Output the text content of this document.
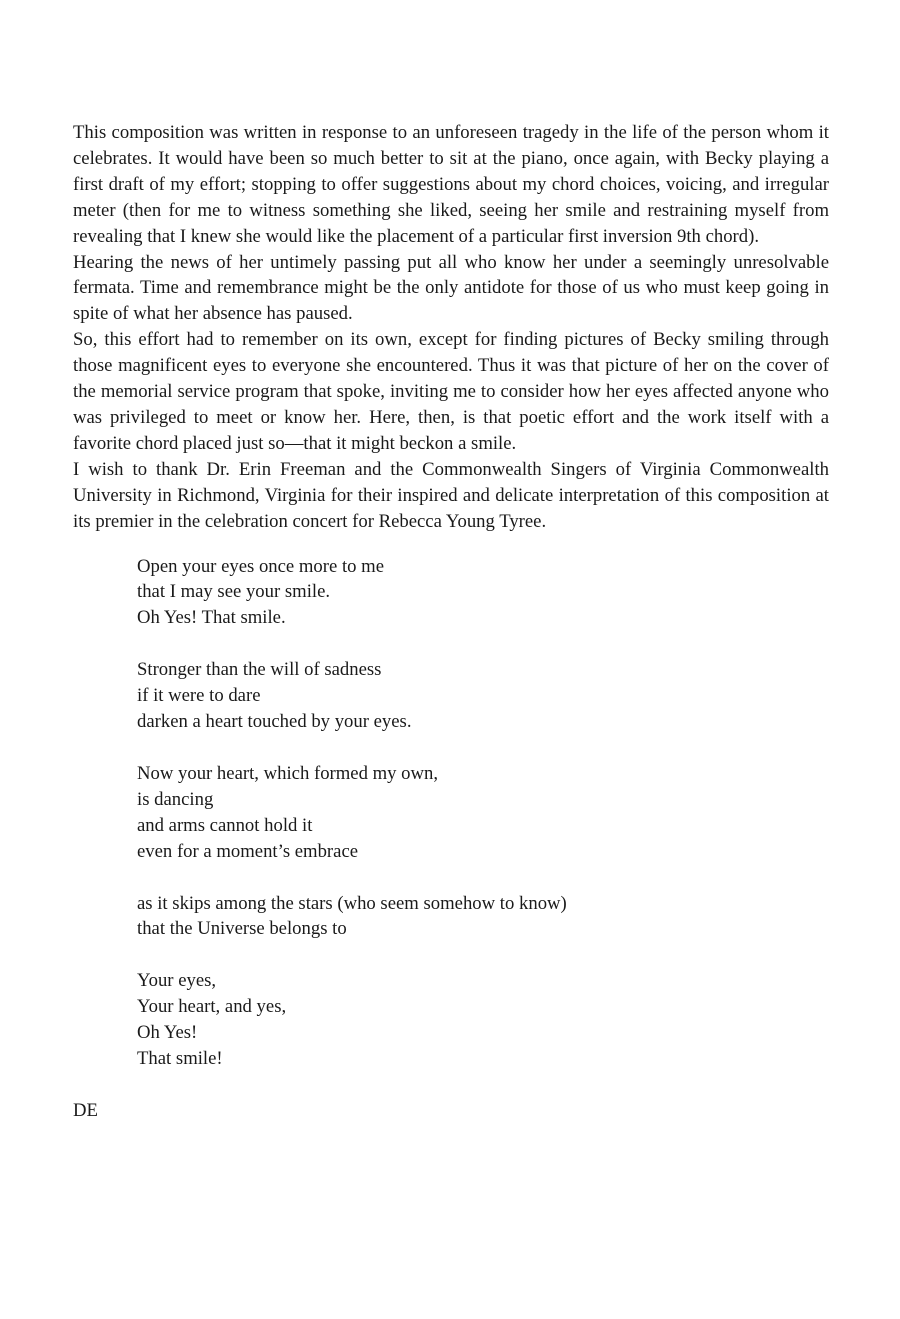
This composition was written in response to an unforeseen tragedy in the life of the person whom it celebrates. It would have been so much better to sit at the piano, once again, with Becky playing a first draft of my effort; stopping to offer suggestions about my chord choices, voicing, and irregular meter (then for me to witness something she liked, seeing her smile and restraining myself from revealing that I knew she would like the placement of a particular first inversion 9th chord).

Hearing the news of her untimely passing put all who know her under a seemingly unresolvable fermata. Time and remembrance might be the only antidote for those of us who must keep going in spite of what her absence has paused.

So, this effort had to remember on its own, except for finding pictures of Becky smiling through those magnificent eyes to everyone she encountered. Thus it was that picture of her on the cover of the memorial service program that spoke, inviting me to consider how her eyes affected anyone who was privileged to meet or know her. Here, then, is that poetic effort and the work itself with a favorite chord placed just so—that it might beckon a smile.

I wish to thank Dr. Erin Freeman and the Commonwealth Singers of Virginia Commonwealth University in Richmond, Virginia for their inspired and delicate interpretation of this composition at its premier in the celebration concert for Rebecca Young Tyree.

Open your eyes once more to me
that I may see your smile.
Oh Yes! That smile.
Stronger than the will of sadness
if it were to dare
darken a heart touched by your eyes.
Now your heart, which formed my own,
is dancing
and arms cannot hold it
even for a moment’s embrace
as it skips among the stars (who seem somehow to know)
that the Universe belongs to
Your eyes,
Your heart, and yes,
Oh Yes!
That smile!
DE
